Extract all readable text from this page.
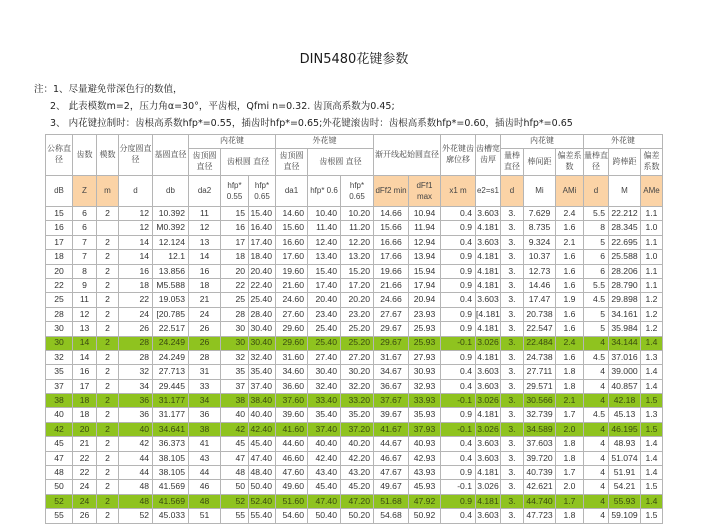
DIN5480花键参数
注：1、尽量避免带深色行的数值，
2、 此表模数m=2，压力角α=30°，平齿根，Qfmi n=0.32. 齿顶高系数为0.45;
3、 内花键拉制时：齿根高系数hfp*=0.55，插齿时hfp*=0.65;外花键滚齿时：齿根高系数hfp*=0.60，插齿时hfp*=0.65
公称直径	齿数	模数	分度圆直径	基圆直径	内花键			外花键			渐开线起始圆直径		外花键齿廓位移	齿槽宽齿厚	内花键			外花键		
					齿顶圆直径	齿根圆 直径		齿顶圆直径	齿根圆 直径						量棒直径	棒间距	偏差系数	量棒直径	跨棒距	偏差系数
dB	Z	m	d	db	da2	hfp* 0.55	hfp* 0.65	da1	hfp* 0.6	hfp* 0.65	dFf2 min	dFf1 max	x1 m	e2=s1	d	Mi	AMi	d	M	AMe
15	6	2	12	10.392	11	15	15.40	14.60	10.40	10.20	14.66	10.94	0.4	3.603	3.	7.629	2.4	5.5	22.212	1.1
16	6		12	M0.392	12	16	16.40	15.60	11.40	11.20	15.66	11.94	0.9	4.181	3.	8.735	1.6	8	28.345	1.0
17	7	2	14	12.124	13	17	17.40	16.60	12.40	12.20	16.66	12.94	0.4	3.603	3.	9.324	2.1	5	22.695	1.1
18	7	2	14	12.1	14	18	18.40	17.60	13.40	13.20	17.66	13.94	0.9	4.181	3.	10.37	1.6	6	25.588	1.0
20	8	2	16	13.856	16	20	20.40	19.60	15.40	15.20	19.66	15.94	0.9	4.181	3.	12.73	1.6	6	28.206	1.1
22	9	2	18	M5.588	18	22	22.40	21.60	17.40	17.20	21.66	17.94	0.9	4.181	3.	14.46	1.6	5.5	28.790	1.1
25	11	2	22	19.053	21	25	25.40	24.60	20.40	20.20	24.66	20.94	0.4	3.603	3.	17.47	1.9	4.5	29.898	1.2
28	12	2	24	[20.785	24	28	28.40	27.60	23.40	23.20	27.67	23.93	0.9	[4.181	3.	20.738	1.6	5	34.161	1.2
30	13	2	26	22.517	26	30	30.40	29.60	25.40	25.20	29.67	25.93	0.9	4.181	3.	22.547	1.6	5	35.984	1.2
30	14	2	28	24.249	26	30	30.40	29.60	25.40	25.20	29.67	25.93	-0.1	3.026	3.	22.484	2.4	4	34.144	1.4
32	14	2	28	24.249	28	32	32.40	31.60	27.40	27.20	31.67	27.93	0.9	4.181	3.	24.738	1.6	4.5	37.016	1.3
35	16	2	32	27.713	31	35	35.40	34.60	30.40	30.20	34.67	30.93	0.4	3.603	3.	27.711	1.8	4	39.000	1.4
37	17	2	34	29.445	33	37	37.40	36.60	32.40	32.20	36.67	32.93	0.4	3.603	3.	29.571	1.8	4	40.857	1.4
38	18	2	36	31.177	34	38	38.40	37.60	33.40	33.20	37.67	33.93	-0.1	3.026	3.	30.566	2.1	4	42.18	1.5
40	18	2	36	31.177	36	40	40.40	39.60	35.40	35.20	39.67	35.93	0.9	4.181	3.	32.739	1.7	4.5	45.13	1.3
42	20	2	40	34.641	38	42	42.40	41.60	37.40	37.20	41.67	37.93	-0.1	3.026	3.	34.589	2.0	4	46.195	1.5
45	21	2	42	36.373	41	45	45.40	44.60	40.40	40.20	44.67	40.93	0.4	3.603	3.	37.603	1.8	4	48.93	1.4
47	22	2	44	38.105	43	47	47.40	46.60	42.40	42.20	46.67	42.93	0.4	3.603	3.	39.720	1.8	4	51.074	1.4
48	22	2	44	38.105	44	48	48.40	47.60	43.40	43.20	47.67	43.93	0.9	4.181	3.	40.739	1.7	4	51.91	1.4
50	24	2	48	41.569	46	50	50.40	49.60	45.40	45.20	49.67	45.93	-0.1	3.026	3.	42.621	2.0	4	54.21	1.5
52	24	2	48	41.569	48	52	52.40	51.60	47.40	47.20	51.68	47.92	0.9	4.181	3.	44.740	1.7	4	55.93	1.4
55	26	2	52	45.033	51	55	55.40	54.60	50.40	50.20	54.68	50.92	0.4	3.603	3.	47.723	1.8	4	59.109	1.5
